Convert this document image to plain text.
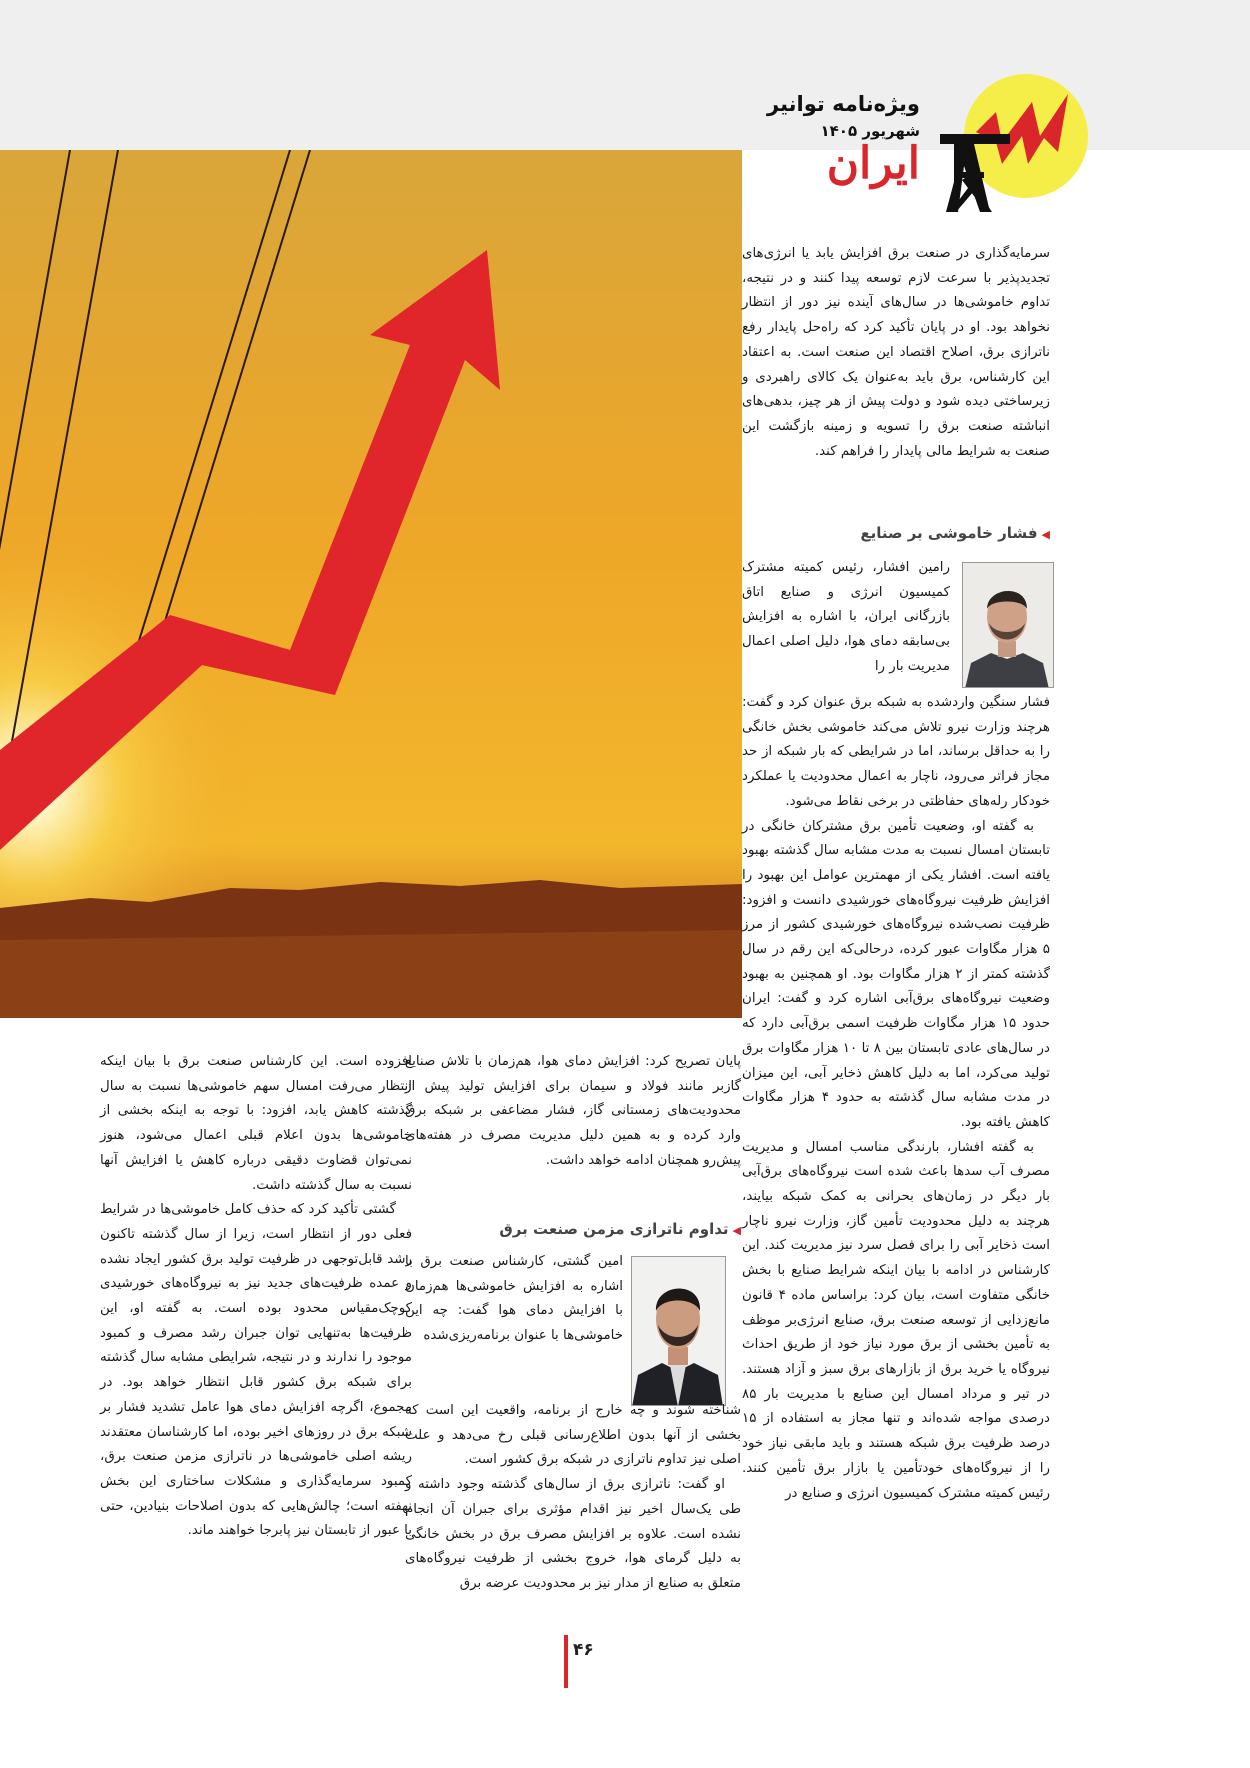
ویژه‌نامه توانیر
شهریور ۱۴۰۵
ایران

سرمایه‌گذاری در صنعت برق افزایش یابد یا انرژی‌های تجدیدپذیر با سرعت لازم توسعه پیدا کنند و در نتیجه، تداوم خاموشی‌ها در سال‌های آینده نیز دور از انتظار نخواهد بود. او در پایان تأکید کرد که راه‌حل پایدار رفع ناترازی برق، اصلاح اقتصاد این صنعت است. به اعتقاد این کارشناس، برق باید به‌عنوان یک کالای راهبردی و زیرساختی دیده شود و دولت پیش از هر چیز، بدهی‌های انباشته صنعت برق را تسویه و زمینه بازگشت این صنعت به شرایط مالی پایدار را فراهم کند.

◀فشار خاموشی بر صنایع

رامین افشار، رئیس کمیته مشترک کمیسیون انرژی و صنایع اتاق بازرگانی ایران، با اشاره به افزایش بی‌سابقه دمای هوا، دلیل اصلی اعمال مدیریت بار را

فشار سنگین واردشده به شبکه برق عنوان کرد و گفت: هرچند وزارت نیرو تلاش می‌کند خاموشی بخش خانگی را به حداقل برساند، اما در شرایطی که بار شبکه از حد مجاز فراتر می‌رود، ناچار به اعمال محدودیت یا عملکرد خودکار رله‌های حفاظتی در برخی نقاط می‌شود.

به گفته او، وضعیت تأمین برق مشترکان خانگی در تابستان امسال نسبت به مدت مشابه سال گذشته بهبود یافته است. افشار یکی از مهمترین عوامل این بهبود را افزایش ظرفیت نیروگاه‌های خورشیدی دانست و افزود: ظرفیت نصب‌شده نیروگاه‌های خورشیدی کشور از مرز ۵ هزار مگاوات عبور کرده، درحالی‌که این رقم در سال گذشته کمتر از ۲ هزار مگاوات بود. او همچنین به بهبود وضعیت نیروگاه‌های برق‌آبی اشاره کرد و گفت: ایران حدود ۱۵ هزار مگاوات ظرفیت اسمی برق‌آبی دارد که در سال‌های عادی تابستان بین ۸ تا ۱۰ هزار مگاوات برق تولید می‌کرد، اما به دلیل کاهش ذخایر آبی، این میزان در مدت مشابه سال گذشته به حدود ۴ هزار مگاوات کاهش یافته بود.

به گفته افشار، بارندگی مناسب امسال و مدیریت مصرف آب سدها باعث شده است نیروگاه‌های برق‌آبی بار دیگر در زمان‌های بحرانی به کمک شبکه بیایند، هرچند به دلیل محدودیت تأمین گاز، وزارت نیرو ناچار است ذخایر آبی را برای فصل سرد نیز مدیریت کند. این کارشناس در ادامه با بیان اینکه شرایط صنایع با بخش خانگی متفاوت است، بیان کرد: براساس ماده ۴ قانون مانع‌زدایی از توسعه صنعت برق، صنایع انرژی‌بر موظف به تأمین بخشی از برق مورد نیاز خود از طریق احداث نیروگاه یا خرید برق از بازارهای برق سبز و آزاد هستند. در تیر و مرداد امسال این صنایع با مدیریت بار ۸۵ درصدی مواجه شده‌اند و تنها مجاز به استفاده از ۱۵ درصد ظرفیت برق شبکه هستند و باید مابقی نیاز خود را از نیروگاه‌های خودتأمین یا بازار برق تأمین کنند. رئیس کمیته مشترک کمیسیون انرژی و صنایع در

پایان تصریح کرد: افزایش دمای هوا، هم‌زمان با تلاش صنایع گازبر مانند فولاد و سیمان برای افزایش تولید پیش از محدودیت‌های زمستانی گاز، فشار مضاعفی بر شبکه برق وارد کرده و به همین دلیل مدیریت مصرف در هفته‌های پیش‌رو همچنان ادامه خواهد داشت.

◀تداوم ناترازی مزمن صنعت برق

امین گشتی، کارشناس صنعت برق با اشاره به افزایش خاموشی‌ها هم‌زمان با افزایش دمای هوا گفت: چه این خاموشی‌ها با عنوان برنامه‌ریزی‌شده

شناخته شوند و چه خارج از برنامه، واقعیت این است که بخشی از آنها بدون اطلاع‌رسانی قبلی رخ می‌دهد و علت اصلی نیز تداوم ناترازی در شبکه برق کشور است.

او گفت: ناترازی برق از سال‌های گذشته وجود داشته و طی یک‌سال اخیر نیز اقدام مؤثری برای جبران آن انجام نشده است. علاوه بر افزایش مصرف برق در بخش خانگی به دلیل گرمای هوا، خروج بخشی از ظرفیت نیروگاه‌های متعلق به صنایع از مدار نیز بر محدودیت عرضه برق

افزوده است. این کارشناس صنعت برق با بیان اینکه انتظار می‌رفت امسال سهم خاموشی‌ها نسبت به سال گذشته کاهش یابد، افزود: با توجه به اینکه بخشی از خاموشی‌ها بدون اعلام قبلی اعمال می‌شود، هنوز نمی‌توان قضاوت دقیقی درباره کاهش یا افزایش آنها نسبت به سال گذشته داشت.

گشتی تأکید کرد که حذف کامل خاموشی‌ها در شرایط فعلی دور از انتظار است، زیرا از سال گذشته تاکنون رشد قابل‌توجهی در ظرفیت تولید برق کشور ایجاد نشده و عمده ظرفیت‌های جدید نیز به نیروگاه‌های خورشیدی کوچک‌مقیاس محدود بوده است. به گفته او، این ظرفیت‌ها به‌تنهایی توان جبران رشد مصرف و کمبود موجود را ندارند و در نتیجه، شرایطی مشابه سال گذشته برای شبکه برق کشور قابل انتظار خواهد بود. در مجموع، اگرچه افزایش دمای هوا عامل تشدید فشار بر شبکه برق در روزهای اخیر بوده، اما کارشناسان معتقدند ریشه اصلی خاموشی‌ها در ناترازی مزمن صنعت برق، کمبود سرمایه‌گذاری و مشکلات ساختاری این بخش نهفته است؛ چالش‌هایی که بدون اصلاحات بنیادین، حتی با عبور از تابستان نیز پابرجا خواهند ماند.

۴۶
